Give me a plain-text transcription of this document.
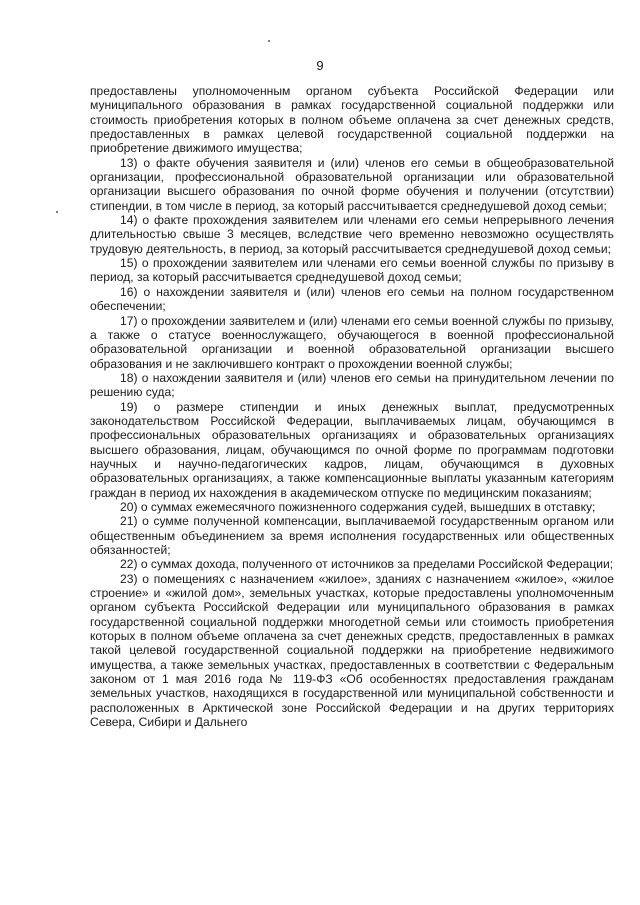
9

предоставлены уполномоченным органом субъекта Российской Федерации или муниципального образования в рамках государственной социальной поддержки или стоимость приобретения которых в полном объеме оплачена за счет денежных средств, предоставленных в рамках целевой государственной социальной поддержки на приобретение движимого имущества;

13) о факте обучения заявителя и (или) членов его семьи в общеобразовательной организации, профессиональной образовательной организации или образовательной организации высшего образования по очной форме обучения и получении (отсутствии) стипендии, в том числе в период, за который рассчитывается среднедушевой доход семьи;

14) о факте прохождения заявителем или членами его семьи непрерывного лечения длительностью свыше 3 месяцев, вследствие чего временно невозможно осуществлять трудовую деятельность, в период, за который рассчитывается среднедушевой доход семьи;

15) о прохождении заявителем или членами его семьи военной службы по призыву в период, за который рассчитывается среднедушевой доход семьи;

16) о нахождении заявителя и (или) членов его семьи на полном государственном обеспечении;

17) о прохождении заявителем и (или) членами его семьи военной службы по призыву, а также о статусе военнослужащего, обучающегося в военной профессиональной образовательной организации и военной образовательной организации высшего образования и не заключившего контракт о прохождении военной службы;

18) о нахождении заявителя и (или) членов его семьи на принудительном лечении по решению суда;

19) о размере стипендии и иных денежных выплат, предусмотренных законодательством Российской Федерации, выплачиваемых лицам, обучающимся в профессиональных образовательных организациях и образовательных организациях высшего образования, лицам, обучающимся по очной форме по программам подготовки научных и научно-педагогических кадров, лицам, обучающимся в духовных образовательных организациях, а также компенсационные выплаты указанным категориям граждан в период их нахождения в академическом отпуске по медицинским показаниям;

20) о суммах ежемесячного пожизненного содержания судей, вышедших в отставку;

21) о сумме полученной компенсации, выплачиваемой государственным органом или общественным объединением за время исполнения государственных или общественных обязанностей;

22) о суммах дохода, полученного от источников за пределами Российской Федерации;

23) о помещениях с назначением «жилое», зданиях с назначением «жилое», «жилое строение» и «жилой дом», земельных участках, которые предоставлены уполномоченным органом субъекта Российской Федерации или муниципального образования в рамках государственной социальной поддержки многодетной семьи или стоимость приобретения которых в полном объеме оплачена за счет денежных средств, предоставленных в рамках такой целевой государственной социальной поддержки на приобретение недвижимого имущества, а также земельных участках, предоставленных в соответствии с Федеральным законом от 1 мая 2016 года № 119-ФЗ «Об особенностях предоставления гражданам земельных участков, находящихся в государственной или муниципальной собственности и расположенных в Арктической зоне Российской Федерации и на других территориях Севера, Сибири и Дальнего
